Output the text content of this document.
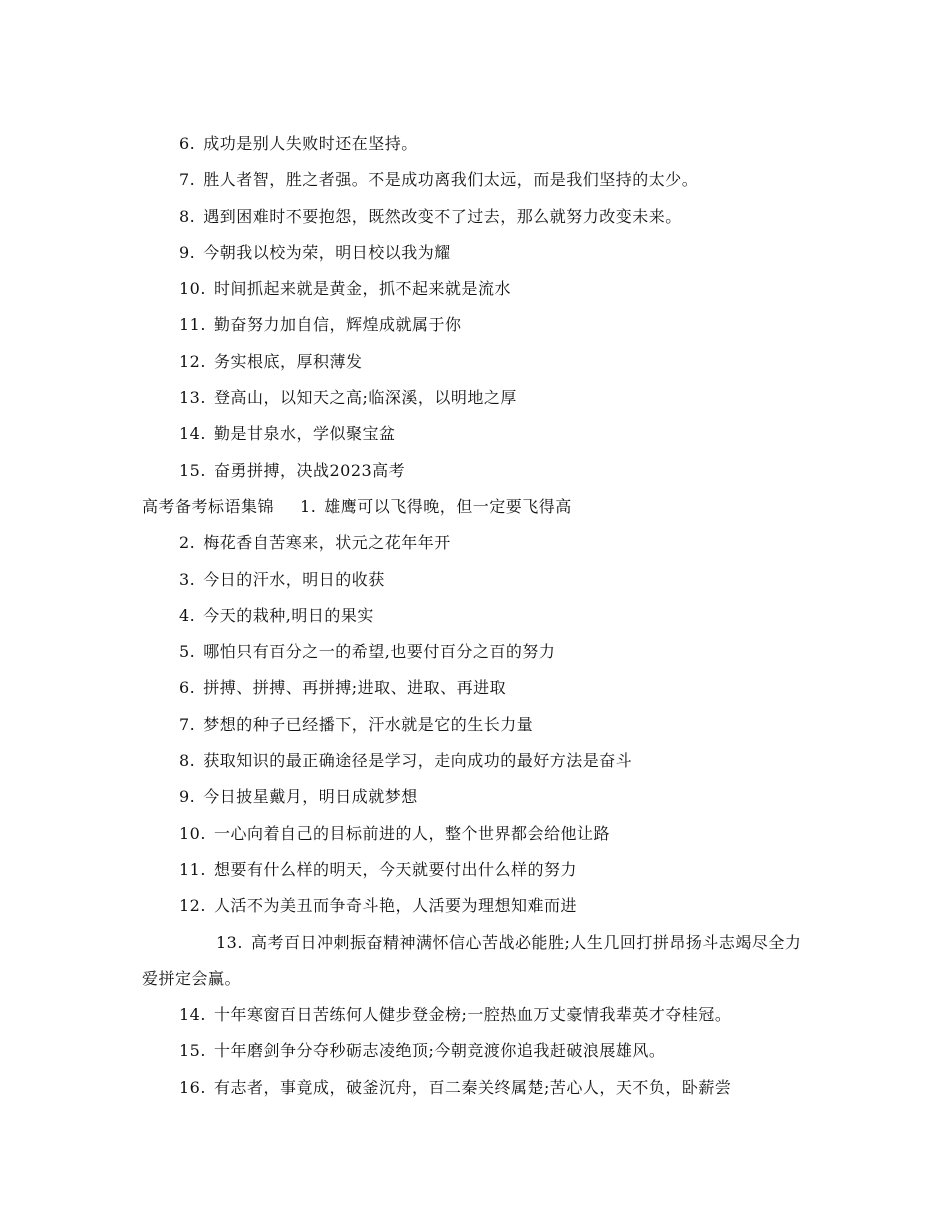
6. 成功是别人失败时还在坚持。
7. 胜人者智，胜之者强。不是成功离我们太远，而是我们坚持的太少。
8. 遇到困难时不要抱怨，既然改变不了过去，那么就努力改变未来。
9. 今朝我以校为荣，明日校以我为耀
10. 时间抓起来就是黄金，抓不起来就是流水
11. 勤奋努力加自信，辉煌成就属于你
12. 务实根底，厚积薄发
13. 登高山，以知天之高;临深溪，以明地之厚
14. 勤是甘泉水，学似聚宝盆
15. 奋勇拼搏，决战2023高考
高考备考标语集锦 1. 雄鹰可以飞得晚，但一定要飞得高
2. 梅花香自苦寒来，状元之花年年开
3. 今日的汗水，明日的收获
4. 今天的栽种,明日的果实
5. 哪怕只有百分之一的希望,也要付百分之百的努力
6. 拼搏、拼搏、再拼搏;进取、进取、再进取
7. 梦想的种子已经播下，汗水就是它的生长力量
8. 获取知识的最正确途径是学习，走向成功的最好方法是奋斗
9. 今日披星戴月，明日成就梦想
10. 一心向着自己的目标前进的人，整个世界都会给他让路
11. 想要有什么样的明天，今天就要付出什么样的努力
12. 人活不为美丑而争奇斗艳，人活要为理想知难而进
13. 高考百日冲刺振奋精神满怀信心苦战必能胜;人生几回打拼昂扬斗志竭尽全力爱拼定会赢。
14. 十年寒窗百日苦练何人健步登金榜;一腔热血万丈豪情我辈英才夺桂冠。
15. 十年磨剑争分夺秒砺志凌绝顶;今朝竞渡你追我赶破浪展雄风。
16. 有志者，事竟成，破釜沉舟，百二秦关终属楚;苦心人，天不负，卧薪尝
